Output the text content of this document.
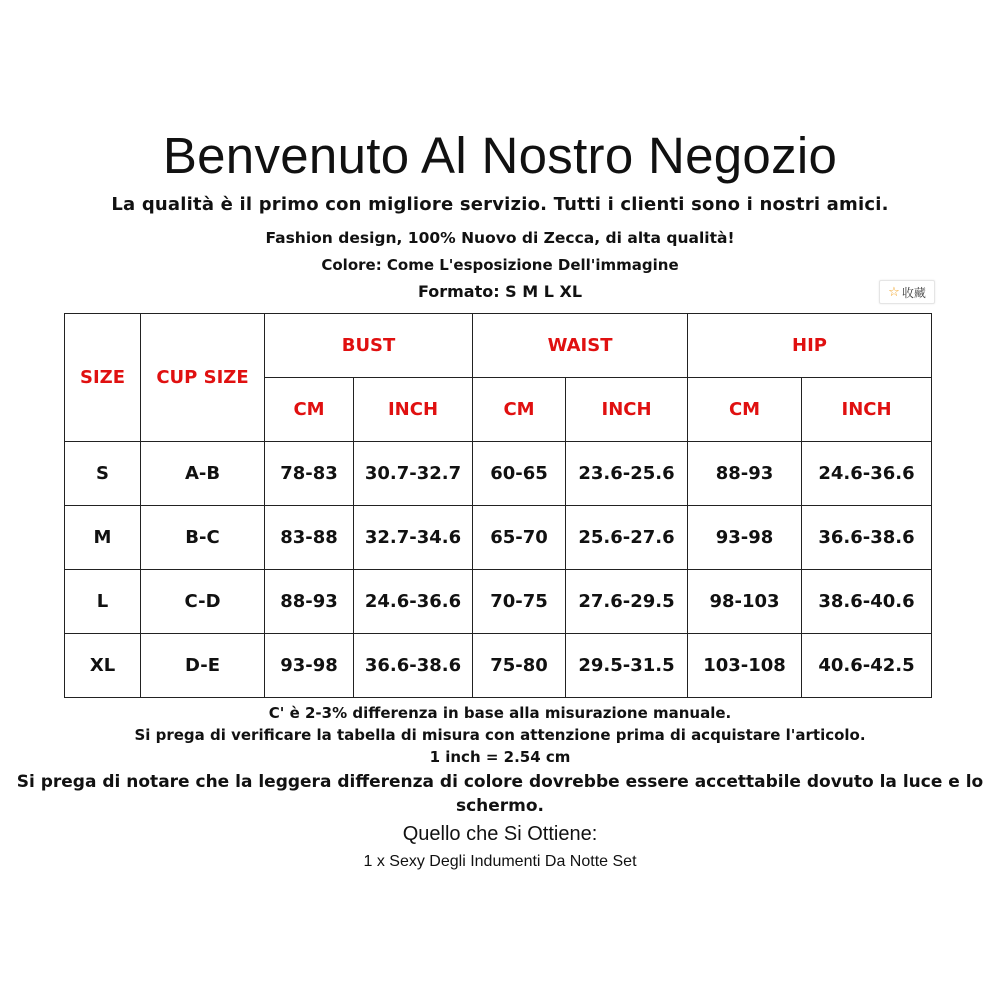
Benvenuto Al Nostro Negozio
La qualità è il primo con migliore servizio. Tutti i clienti sono i nostri amici.
Fashion design, 100% Nuovo di Zecca, di alta qualità!
Colore: Come L'esposizione Dell'immagine
Formato: S M L XL	☆ 收藏
SIZE	CUP SIZE	BUST		WAIST		HIP	
		CM	INCH	CM	INCH	CM	INCH
S	A-B	78-83	30.7-32.7	60-65	23.6-25.6	88-93	24.6-36.6
M	B-C	83-88	32.7-34.6	65-70	25.6-27.6	93-98	36.6-38.6
L	C-D	88-93	24.6-36.6	70-75	27.6-29.5	98-103	38.6-40.6
XL	D-E	93-98	36.6-38.6	75-80	29.5-31.5	103-108	40.6-42.5
C' è 2-3% differenza in base alla misurazione manuale.
Si prega di verificare la tabella di misura con attenzione prima di acquistare l'articolo.
1 inch = 2.54 cm
Si prega di notare che la leggera differenza di colore dovrebbe essere accettabile dovuto la luce e lo schermo.
Quello che Si Ottiene:
1 x Sexy Degli Indumenti Da Notte Set
